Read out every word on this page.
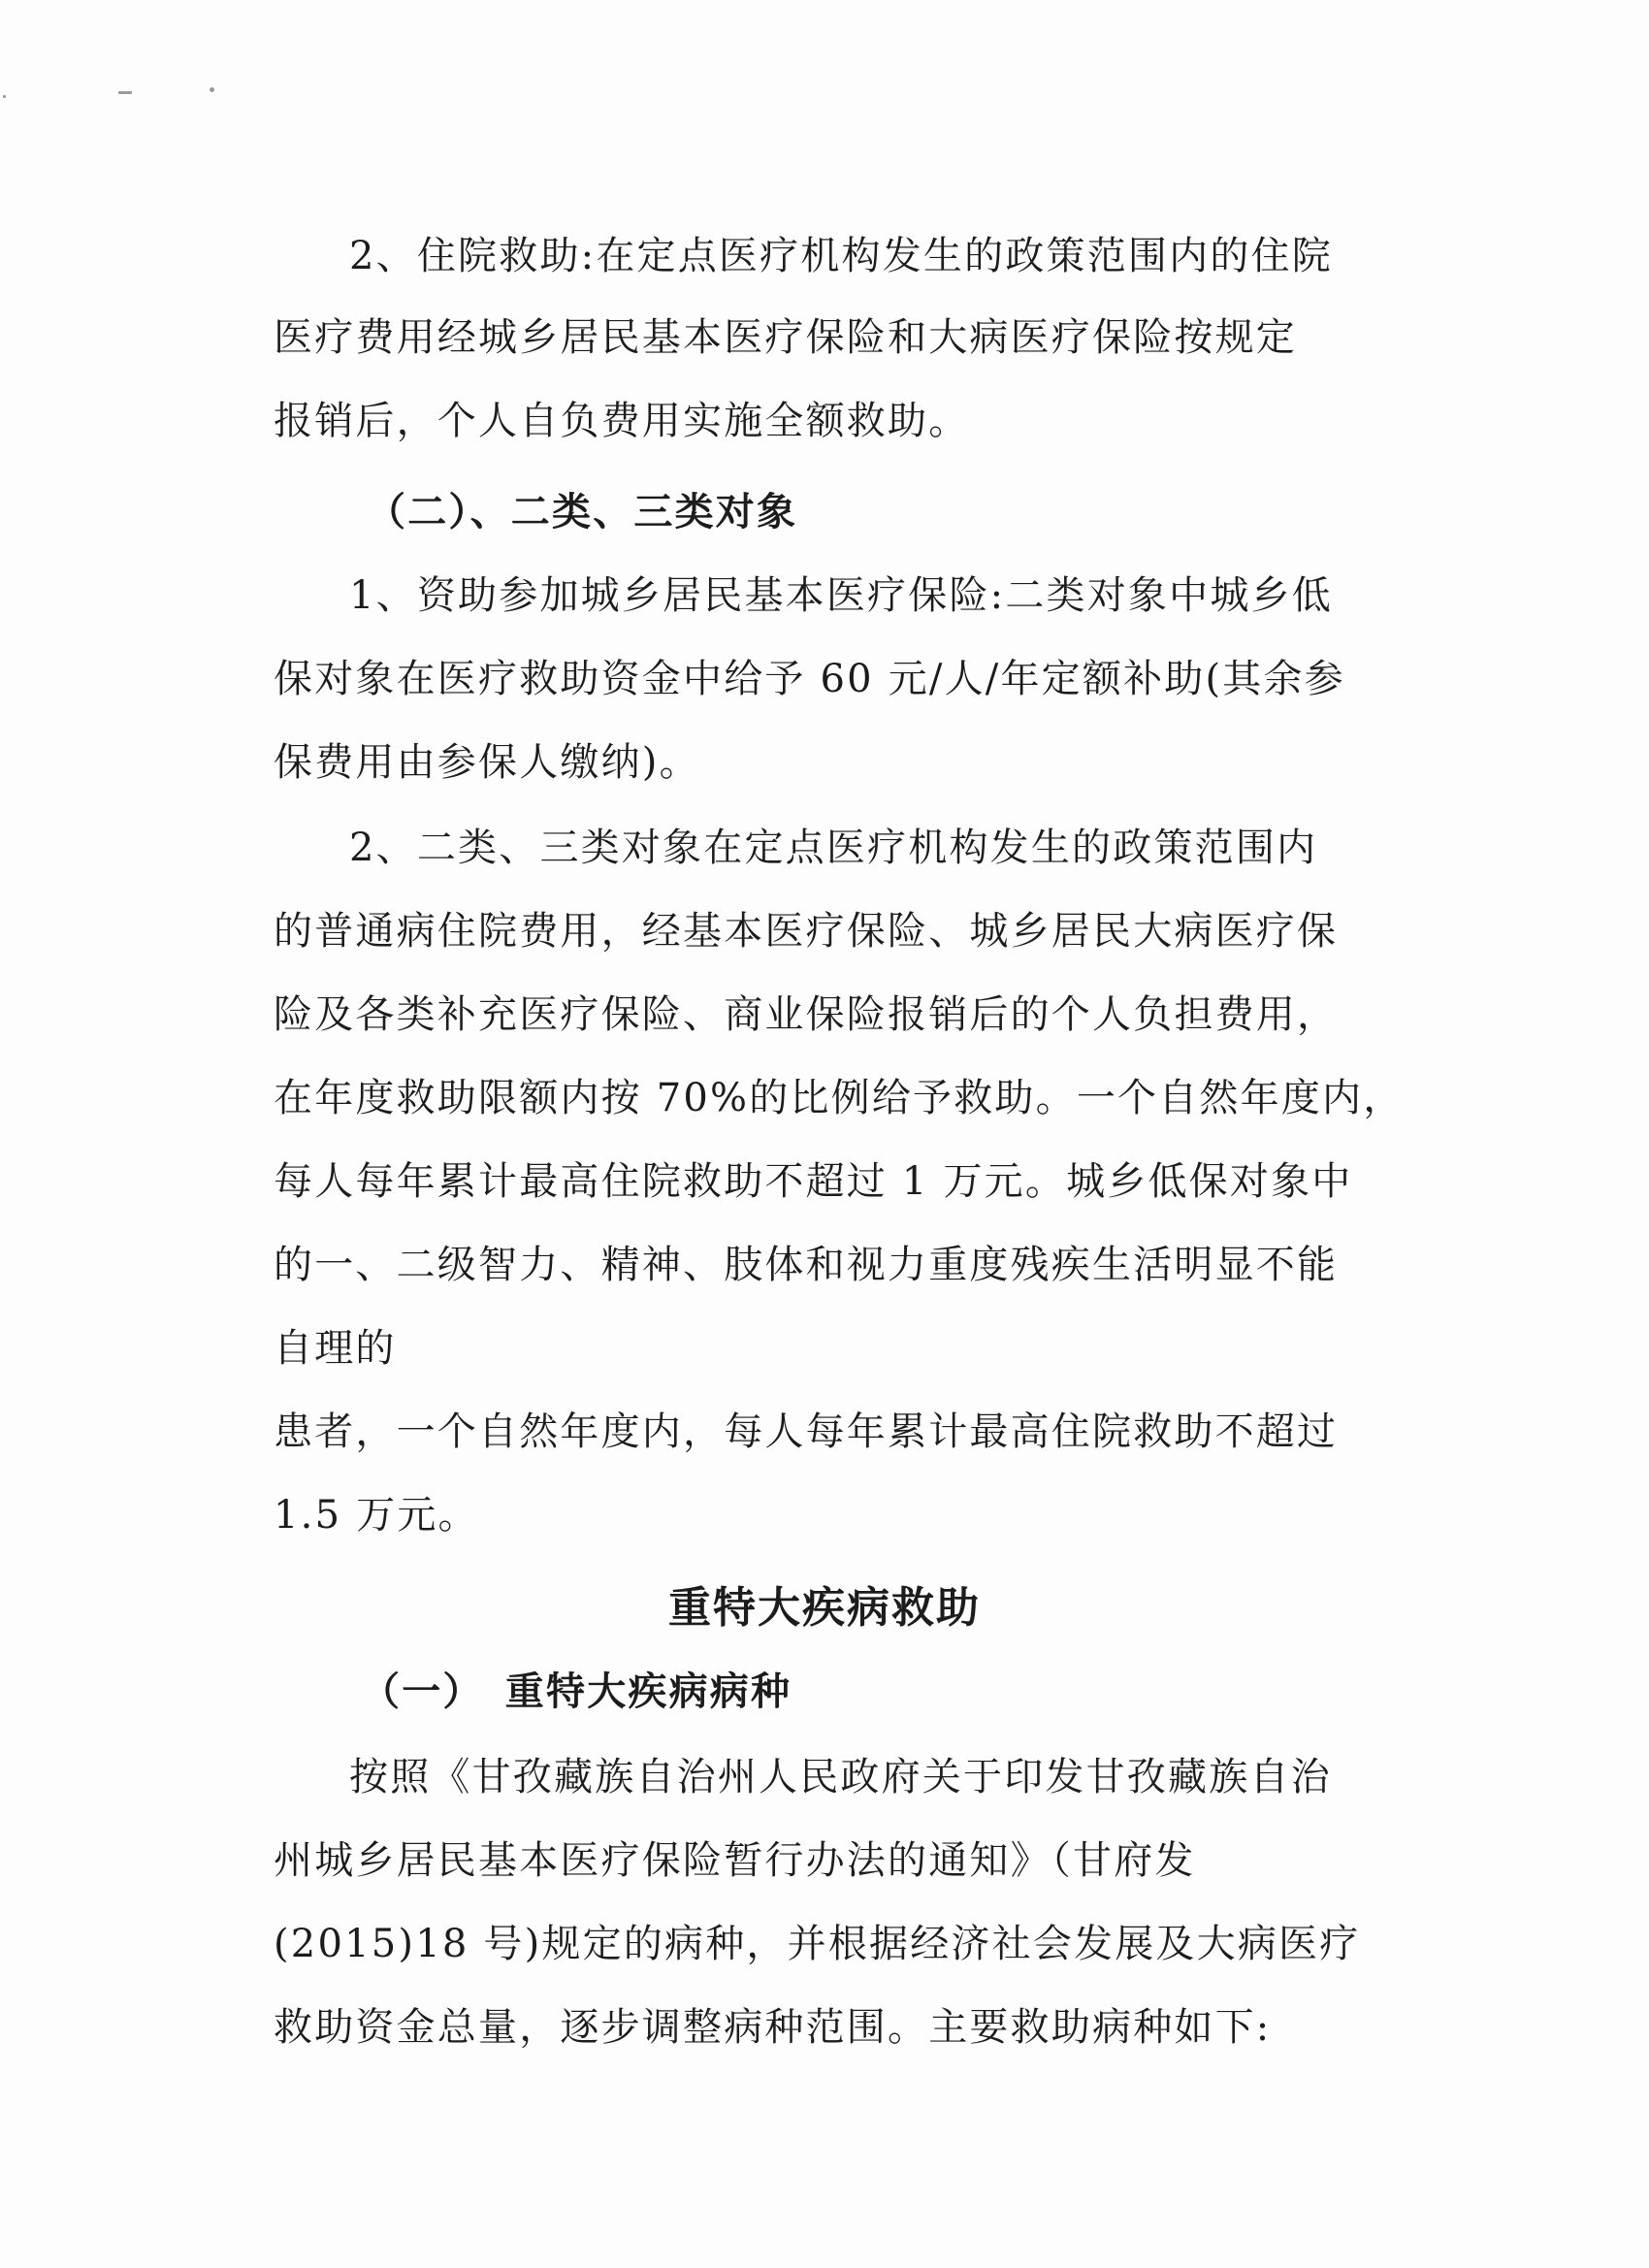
2、住院救助:在定点医疗机构发生的政策范围内的住院
医疗费用经城乡居民基本医疗保险和大病医疗保险按规定
报销后，个人自负费用实施全额救助。
（二）、二类、三类对象
1、资助参加城乡居民基本医疗保险:二类对象中城乡低
保对象在医疗救助资金中给予 60 元/人/年定额补助(其余参
保费用由参保人缴纳)。
2、二类、三类对象在定点医疗机构发生的政策范围内
的普通病住院费用，经基本医疗保险、城乡居民大病医疗保
险及各类补充医疗保险、商业保险报销后的个人负担费用，
在年度救助限额内按 70%的比例给予救助。一个自然年度内，
每人每年累计最高住院救助不超过 1 万元。城乡低保对象中
的一、二级智力、精神、肢体和视力重度残疾生活明显不能
自理的
患者，一个自然年度内，每人每年累计最高住院救助不超过
1.5 万元。
重特大疾病救助
（一）　重特大疾病病种
按照《甘孜藏族自治州人民政府关于印发甘孜藏族自治
州城乡居民基本医疗保险暂行办法的通知》（甘府发
(2015)18 号)规定的病种，并根据经济社会发展及大病医疗
救助资金总量，逐步调整病种范围。主要救助病种如下:
